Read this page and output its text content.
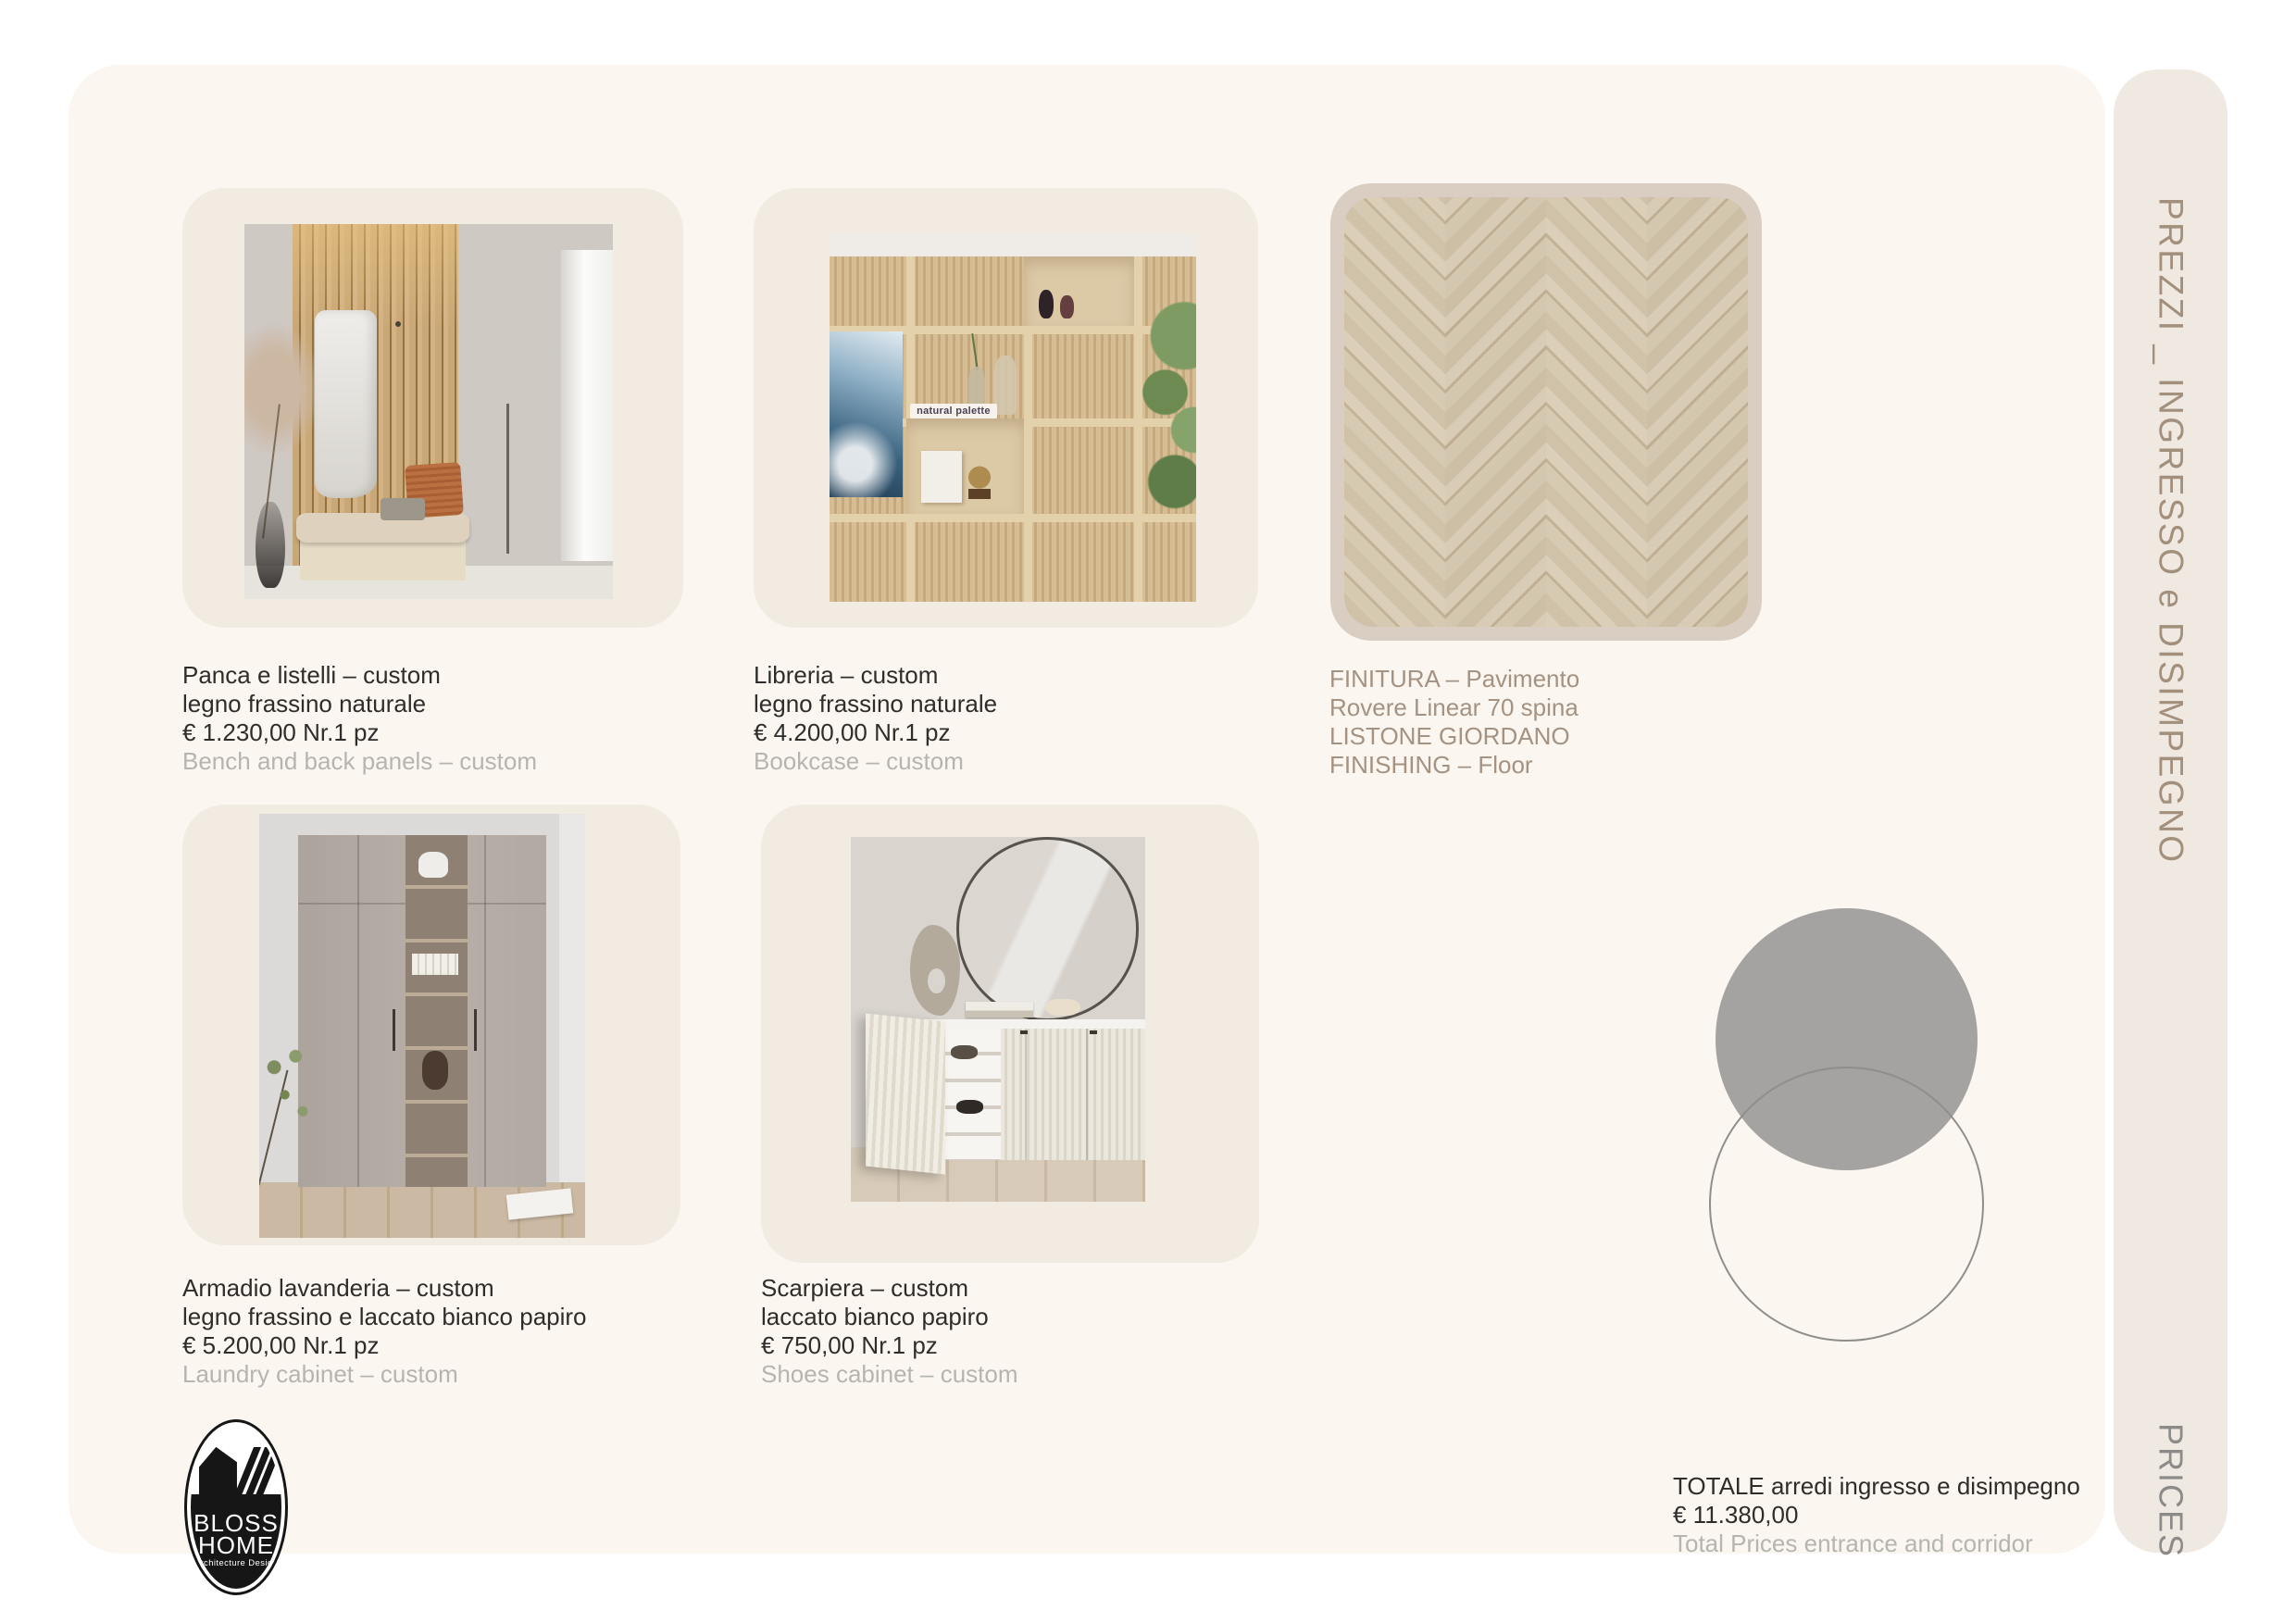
Panca e listelli – custom
legno frassino naturale
€ 1.230,00 Nr.1 pz
Bench and back panels – custom
natural palette
Libreria – custom
legno frassino naturale
€ 4.200,00 Nr.1 pz
Bookcase – custom
FINITURA – Pavimento
Rovere Linear 70 spina
LISTONE GIORDANO
FINISHING – Floor
Armadio lavanderia – custom
legno frassino e laccato bianco papiro
€ 5.200,00 Nr.1 pz
Laundry cabinet – custom
Scarpiera – custom
laccato bianco papiro
€ 750,00 Nr.1 pz
Shoes cabinet – custom
TOTALE arredi ingresso e disimpegno
€ 11.380,00
Total Prices entrance and corridor
BLOSS
HOME
Architecture Design
PREZZI _ INGRESSO e DISIMPEGNO
PRICES
